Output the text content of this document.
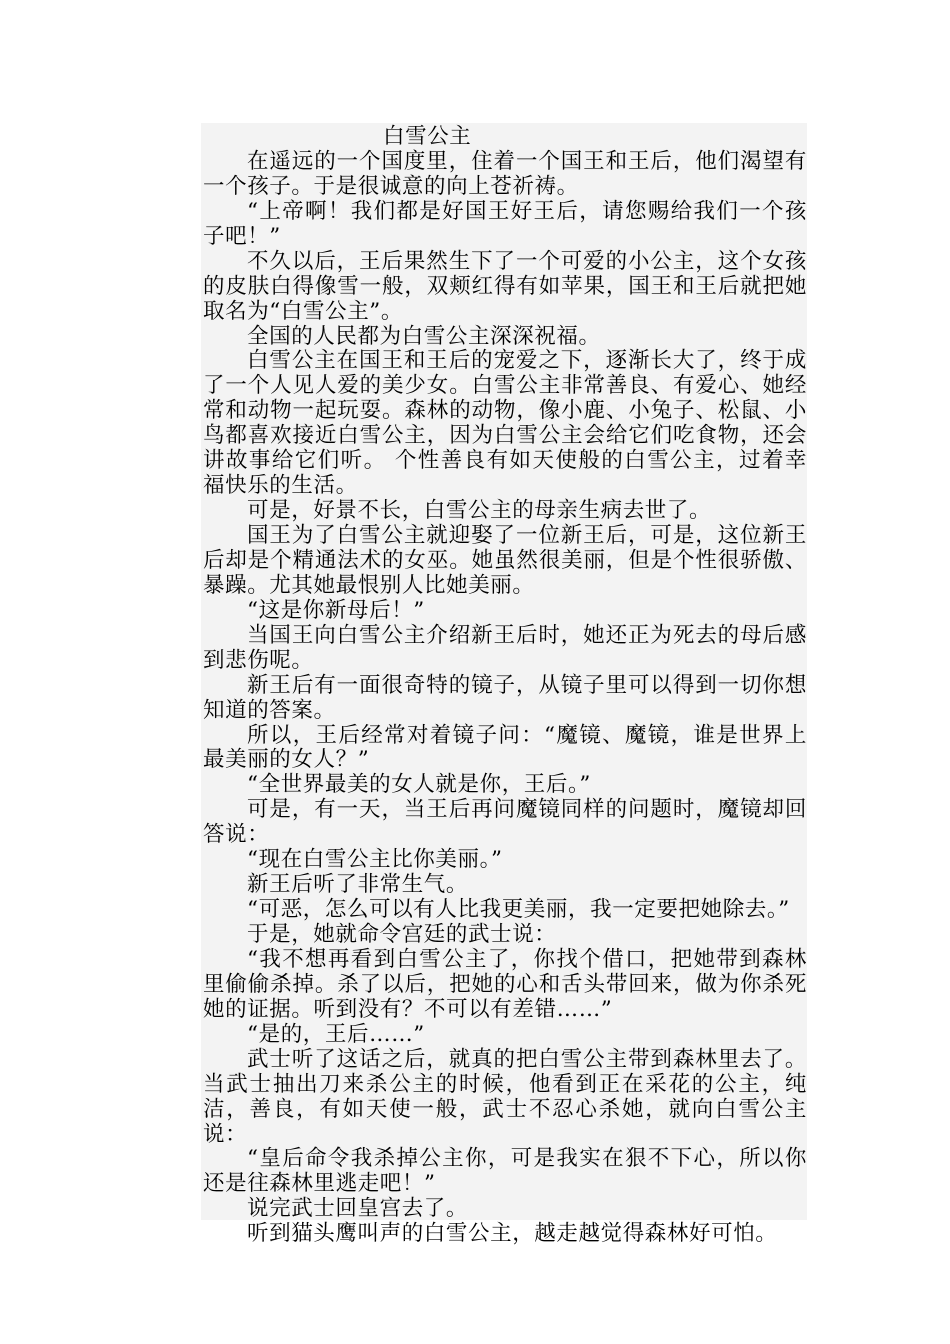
白雪公主

在遥远的一个国度里，住着一个国王和王后，他们渴望有一个孩子。于是很诚意的向上苍祈祷。

“上帝啊！我们都是好国王好王后，请您赐给我们一个孩子吧！”

不久以后，王后果然生下了一个可爱的小公主，这个女孩的皮肤白得像雪一般，双颊红得有如苹果，国王和王后就把她取名为“白雪公主”。

全国的人民都为白雪公主深深祝福。

白雪公主在国王和王后的宠爱之下，逐渐长大了，终于成了一个人见人爱的美少女。白雪公主非常善良、有爱心、她经常和动物一起玩耍。森林的动物，像小鹿、小兔子、松鼠、小鸟都喜欢接近白雪公主，因为白雪公主会给它们吃食物，还会讲故事给它们听。 个性善良有如天使般的白雪公主，过着幸福快乐的生活。

可是，好景不长，白雪公主的母亲生病去世了。

国王为了白雪公主就迎娶了一位新王后，可是，这位新王后却是个精通法术的女巫。她虽然很美丽，但是个性很骄傲、暴躁。尤其她最恨别人比她美丽。

“这是你新母后！”

当国王向白雪公主介绍新王后时，她还正为死去的母后感到悲伤呢。

新王后有一面很奇特的镜子，从镜子里可以得到一切你想知道的答案。

所以，王后经常对着镜子问：“魔镜、魔镜，谁是世界上最美丽的女人？”

“全世界最美的女人就是你，王后。”

可是，有一天，当王后再问魔镜同样的问题时，魔镜却回答说：

“现在白雪公主比你美丽。”

新王后听了非常生气。

“可恶，怎么可以有人比我更美丽，我一定要把她除去。”

于是，她就命令宫廷的武士说：

“我不想再看到白雪公主了，你找个借口，把她带到森林里偷偷杀掉。杀了以后，把她的心和舌头带回来，做为你杀死她的证据。听到没有？不可以有差错……”

“是的，王后……”

武士听了这话之后，就真的把白雪公主带到森林里去了。当武士抽出刀来杀公主的时候，他看到正在采花的公主，纯洁，善良，有如天使一般，武士不忍心杀她，就向白雪公主说：

“皇后命令我杀掉公主你，可是我实在狠不下心，所以你还是往森林里逃走吧！”

说完武士回皇宫去了。

听到猫头鹰叫声的白雪公主，越走越觉得森林好可怕。
